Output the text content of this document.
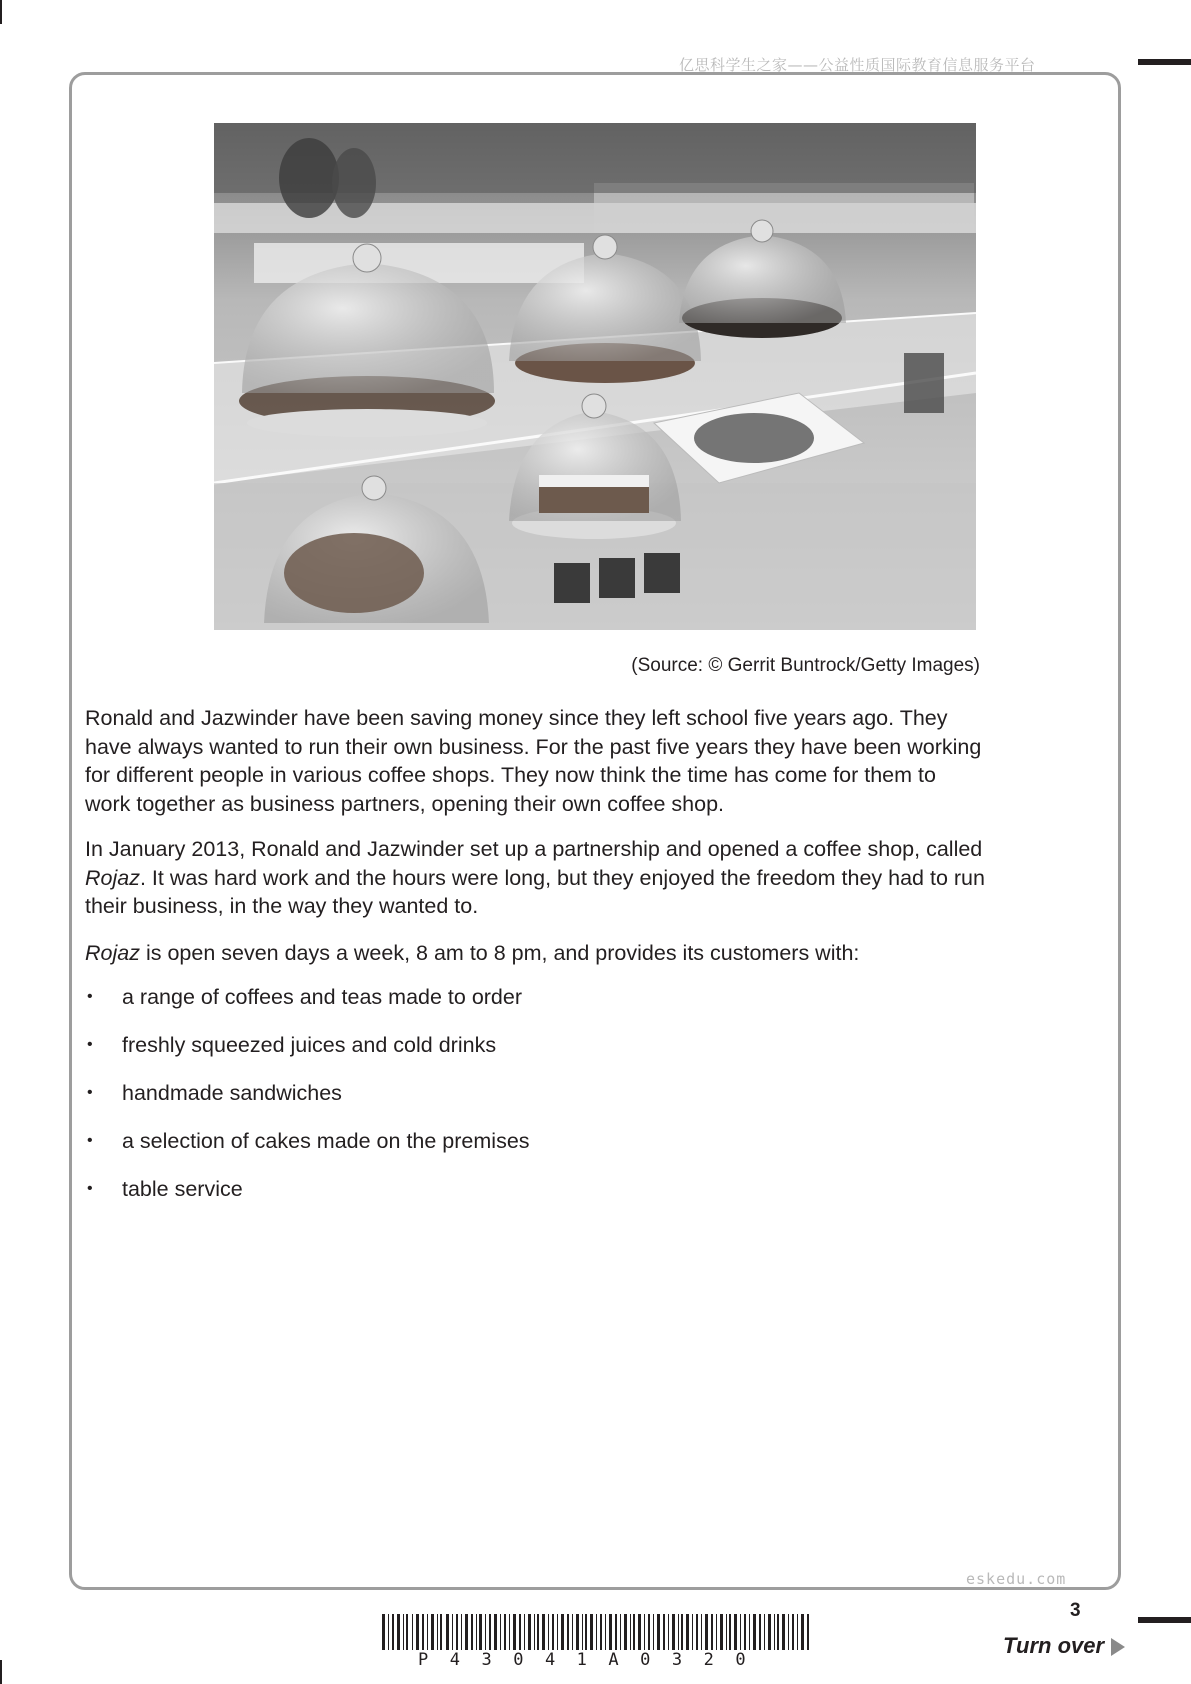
亿思科学生之家——公益性质国际教育信息服务平台
(Source: © Gerrit Buntrock/Getty Images)

Ronald and Jazwinder have been saving money since they left school five years ago. They have always wanted to run their own business. For the past five years they have been working for different people in various coffee shops. They now think the time has come for them to work together as business partners, opening their own coffee shop.

In January 2013, Ronald and Jazwinder set up a partnership and opened a coffee shop, called Rojaz. It was hard work and the hours were long, but they enjoyed the freedom they had to run their business, in the way they wanted to.

Rojaz is open seven days a week, 8 am to 8 pm, and provides its customers with:

• a range of coffees and teas made to order
• freshly squeezed juices and cold drinks
• handmade sandwiches
• a selection of cakes made on the premises
• table service
eskedu.com
3
P43041A0320
Turn over
